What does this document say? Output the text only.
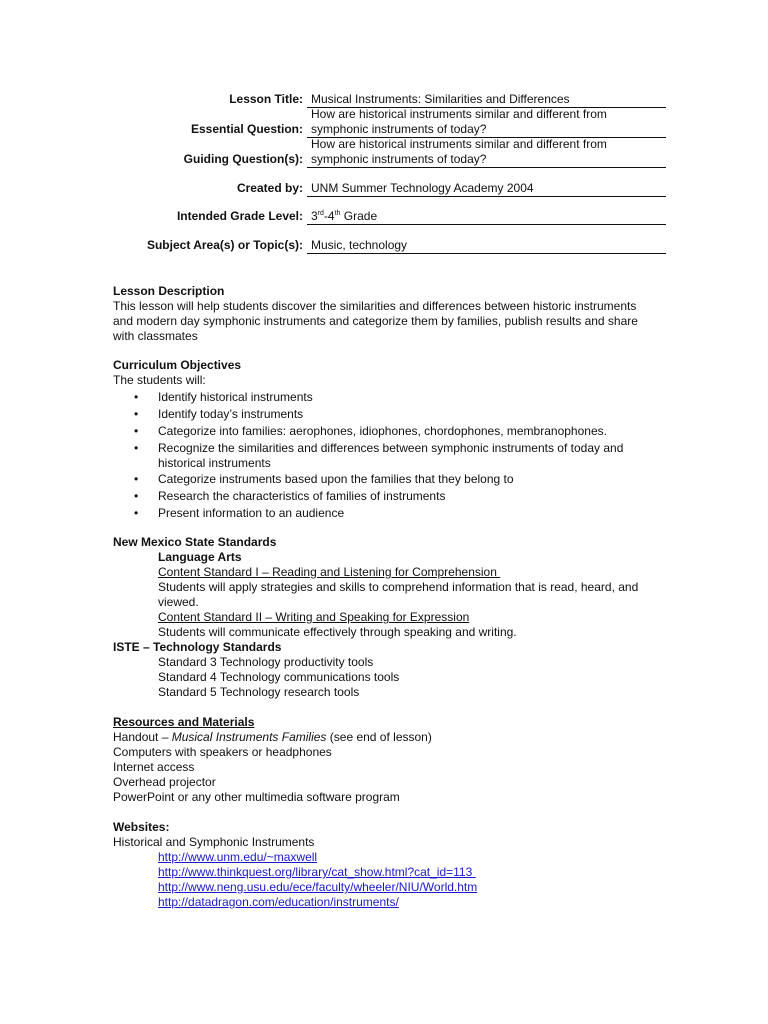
Lesson Title: Musical Instruments: Similarities and Differences
Essential Question:
How are historical instruments similar and different from
symphonic instruments of today?
Guiding Question(s):
How are historical instruments similar and different from
symphonic instruments of today?
Created by: UNM Summer Technology Academy 2004
Intended Grade Level: 3rd-4th Grade
Subject Area(s) or Topic(s): Music, technology
Lesson Description
This lesson will help students discover the similarities and differences between historic instruments
and modern day symphonic instruments and categorize them by families, publish results and share
with classmates
Curriculum Objectives
The students will:
• Identify historical instruments
• Identify today’s instruments
• Categorize into families: aerophones, idiophones, chordophones, membranophones.
• Recognize the similarities and differences between symphonic instruments of today and
historical instruments
• Categorize instruments based upon the families that they belong to
• Research the characteristics of families of instruments
• Present information to an audience
New Mexico State Standards
Language Arts
Content Standard I – Reading and Listening for Comprehension
Students will apply strategies and skills to comprehend information that is read, heard, and
viewed.
Content Standard II – Writing and Speaking for Expression
Students will communicate effectively through speaking and writing.
ISTE – Technology Standards
Standard 3 Technology productivity tools
Standard 4 Technology communications tools
Standard 5 Technology research tools
Resources and Materials
Handout – Musical Instruments Families (see end of lesson)
Computers with speakers or headphones
Internet access
Overhead projector
PowerPoint or any other multimedia software program
Websites:
Historical and Symphonic Instruments
http://www.unm.edu/~maxwell
http://www.thinkquest.org/library/cat_show.html?cat_id=113
http://www.neng.usu.edu/ece/faculty/wheeler/NIU/World.htm
http://datadragon.com/education/instruments/
